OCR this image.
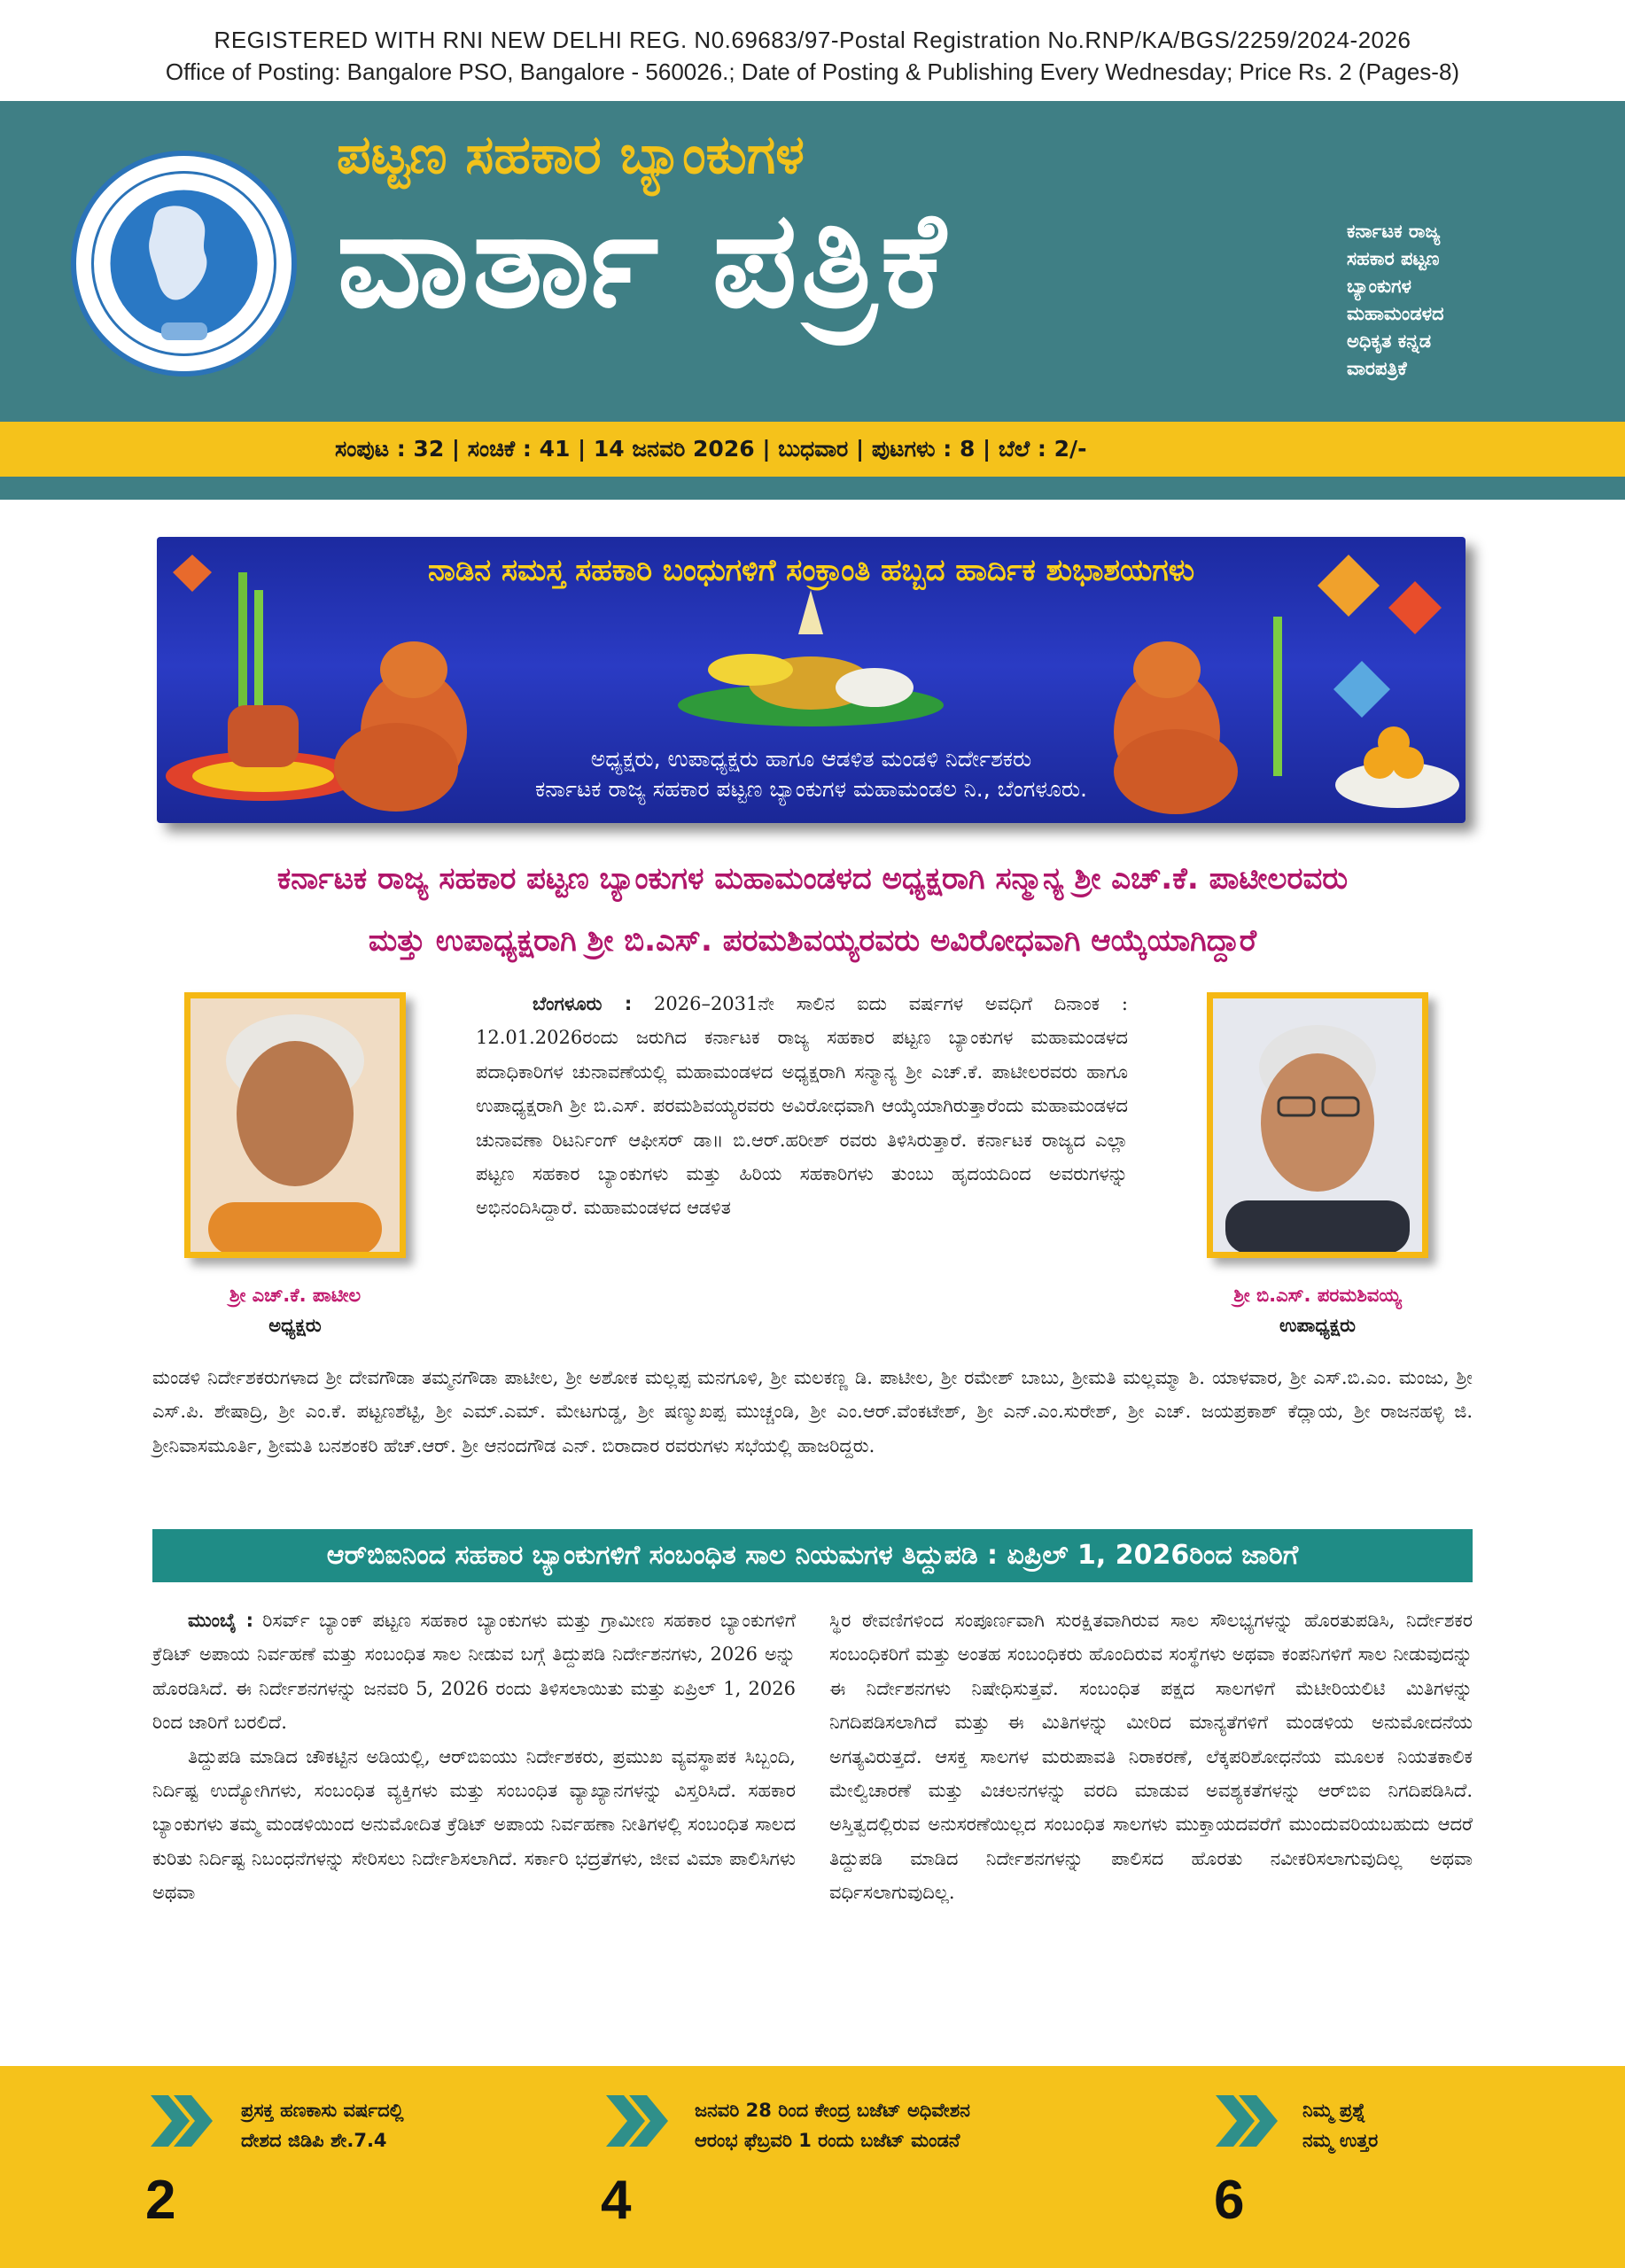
REGISTERED WITH RNI NEW DELHI REG. N0.69683/97-Postal Registration No.RNP/KA/BGS/2259/2024-2026
Office of Posting: Bangalore PSO, Bangalore - 560026.; Date of Posting & Publishing Every Wednesday; Price Rs. 2 (Pages-8)
ಪಟ್ಟಣ ಸಹಕಾರ ಬ್ಯಾಂಕುಗಳ
ವಾರ್ತಾ ಪತ್ರಿಕೆ	ಕರ್ನಾಟಕ ರಾಜ್ಯ
ಸಹಕಾರ ಪಟ್ಟಣ
ಬ್ಯಾಂಕುಗಳ
ಮಹಾಮಂಡಳದ
ಅಧಿಕೃತ ಕನ್ನಡ
ವಾರಪತ್ರಿಕೆ
ಸಂಪುಟ : 32 | ಸಂಚಿಕೆ : 41 | 14 ಜನವರಿ 2026 | ಬುಧವಾರ | ಪುಟಗಳು : 8 | ಬೆಲೆ : 2/-
ನಾಡಿನ ಸಮಸ್ತ ಸಹಕಾರಿ ಬಂಧುಗಳಿಗೆ ಸಂಕ್ರಾಂತಿ ಹಬ್ಬದ ಹಾರ್ದಿಕ ಶುಭಾಶಯಗಳು
ಅಧ್ಯಕ್ಷರು, ಉಪಾಧ್ಯಕ್ಷರು ಹಾಗೂ ಆಡಳಿತ ಮಂಡಳಿ ನಿರ್ದೇಶಕರು
ಕರ್ನಾಟಕ ರಾಜ್ಯ ಸಹಕಾರ ಪಟ್ಟಣ ಬ್ಯಾಂಕುಗಳ ಮಹಾಮಂಡಲ ನಿ., ಬೆಂಗಳೂರು.
ಕರ್ನಾಟಕ ರಾಜ್ಯ ಸಹಕಾರ ಪಟ್ಟಣ ಬ್ಯಾಂಕುಗಳ ಮಹಾಮಂಡಳದ ಅಧ್ಯಕ್ಷರಾಗಿ ಸನ್ಮಾನ್ಯ ಶ್ರೀ ಎಚ್.ಕೆ. ಪಾಟೀಲರವರು
ಮತ್ತು ಉಪಾಧ್ಯಕ್ಷರಾಗಿ ಶ್ರೀ ಬಿ.ಎಸ್. ಪರಮಶಿವಯ್ಯರವರು ಅವಿರೋಧವಾಗಿ ಆಯ್ಕೆಯಾಗಿದ್ದಾರೆ
ಶ್ರೀ ಎಚ್.ಕೆ. ಪಾಟೀಲ
ಅಧ್ಯಕ್ಷರು
ಶ್ರೀ ಬಿ.ಎಸ್. ಪರಮಶಿವಯ್ಯ
ಉಪಾಧ್ಯಕ್ಷರು
ಬೆಂಗಳೂರು : 2026–2031ನೇ ಸಾಲಿನ ಐದು ವರ್ಷಗಳ ಅವಧಿಗೆ ದಿನಾಂಕ : 12.01.2026ರಂದು ಜರುಗಿದ ಕರ್ನಾಟಕ ರಾಜ್ಯ ಸಹಕಾರ ಪಟ್ಟಣ ಬ್ಯಾಂಕುಗಳ ಮಹಾಮಂಡಳದ ಪದಾಧಿಕಾರಿಗಳ ಚುನಾವಣೆಯಲ್ಲಿ ಮಹಾಮಂಡಳದ ಅಧ್ಯಕ್ಷರಾಗಿ ಸನ್ಮಾನ್ಯ ಶ್ರೀ ಎಚ್.ಕೆ. ಪಾಟೀಲರವರು ಹಾಗೂ ಉಪಾಧ್ಯಕ್ಷರಾಗಿ ಶ್ರೀ ಬಿ.ಎಸ್. ಪರಮಶಿವಯ್ಯರವರು ಅವಿರೋಧವಾಗಿ ಆಯ್ಕೆಯಾಗಿರುತ್ತಾರೆಂದು ಮಹಾಮಂಡಳದ ಚುನಾವಣಾ ರಿಟರ್ನಿಂಗ್ ಆಫೀಸರ್ ಡಾ॥ ಬಿ.ಆರ್.ಹರೀಶ್ ರವರು ತಿಳಿಸಿರುತ್ತಾರೆ. ಕರ್ನಾಟಕ ರಾಜ್ಯದ ಎಲ್ಲಾ ಪಟ್ಟಣ ಸಹಕಾರ ಬ್ಯಾಂಕುಗಳು ಮತ್ತು ಹಿರಿಯ ಸಹಕಾರಿಗಳು ತುಂಬು ಹೃದಯದಿಂದ ಅವರುಗಳನ್ನು ಅಭಿನಂದಿಸಿದ್ದಾರೆ. ಮಹಾಮಂಡಳದ ಆಡಳಿತ
ಮಂಡಳಿ ನಿರ್ದೇಶಕರುಗಳಾದ ಶ್ರೀ ದೇವಗೌಡಾ ತಮ್ಮನಗೌಡಾ ಪಾಟೀಲ, ಶ್ರೀ ಅಶೋಕ ಮಲ್ಲಪ್ಪ ಮನಗೂಳಿ, ಶ್ರೀ ಮಲಕಣ್ಣ ಡಿ. ಪಾಟೀಲ, ಶ್ರೀ ರಮೇಶ್ ಬಾಬು, ಶ್ರೀಮತಿ ಮಲ್ಲಮ್ಮಾ ಶಿ. ಯಾಳವಾರ, ಶ್ರೀ ಎಸ್.ಬಿ.ಎಂ. ಮಂಜು, ಶ್ರೀ ಎಸ್.ಪಿ. ಶೇಷಾದ್ರಿ, ಶ್ರೀ ಎಂ.ಕೆ. ಪಟ್ಟಣಶೆಟ್ಟಿ, ಶ್ರೀ ಎಮ್.ಎಮ್. ಮೇಟಗುಡ್ಡ, ಶ್ರೀ ಷಣ್ಮುಖಪ್ಪ ಮುಚ್ಚಂಡಿ, ಶ್ರೀ ಎಂ.ಆರ್.ವೆಂಕಟೇಶ್, ಶ್ರೀ ಎನ್.ಎಂ.ಸುರೇಶ್, ಶ್ರೀ ಎಚ್. ಜಯಪ್ರಕಾಶ್ ಕೆದ್ಲಾಯ, ಶ್ರೀ ರಾಜನಹಳ್ಳಿ ಜಿ. ಶ್ರೀನಿವಾಸಮೂರ್ತಿ, ಶ್ರೀಮತಿ ಬನಶಂಕರಿ ಹೆಚ್.ಆರ್. ಶ್ರೀ ಆನಂದಗೌಡ ಎನ್. ಬಿರಾದಾರ ರವರುಗಳು ಸಭೆಯಲ್ಲಿ ಹಾಜರಿದ್ದರು.
ಆರ್‌ಬಿಐನಿಂದ ಸಹಕಾರ ಬ್ಯಾಂಕುಗಳಿಗೆ ಸಂಬಂಧಿತ ಸಾಲ ನಿಯಮಗಳ ತಿದ್ದುಪಡಿ : ಏಪ್ರಿಲ್ 1, 2026ರಿಂದ ಜಾರಿಗೆ
ಮುಂಬೈ : ರಿಸರ್ವ್ ಬ್ಯಾಂಕ್ ಪಟ್ಟಣ ಸಹಕಾರ ಬ್ಯಾಂಕುಗಳು ಮತ್ತು ಗ್ರಾಮೀಣ ಸಹಕಾರ ಬ್ಯಾಂಕುಗಳಿಗೆ ಕ್ರೆಡಿಟ್ ಅಪಾಯ ನಿರ್ವಹಣೆ ಮತ್ತು ಸಂಬಂಧಿತ ಸಾಲ ನೀಡುವ ಬಗ್ಗೆ ತಿದ್ದುಪಡಿ ನಿರ್ದೇಶನಗಳು, 2026 ಅನ್ನು ಹೊರಡಿಸಿದೆ. ಈ ನಿರ್ದೇಶನಗಳನ್ನು ಜನವರಿ 5, 2026 ರಂದು ತಿಳಿಸಲಾಯಿತು ಮತ್ತು ಏಪ್ರಿಲ್ 1, 2026 ರಿಂದ ಜಾರಿಗೆ ಬರಲಿದೆ.
ತಿದ್ದುಪಡಿ ಮಾಡಿದ ಚೌಕಟ್ಟಿನ ಅಡಿಯಲ್ಲಿ, ಆರ್‌ಬಿಐಯು ನಿರ್ದೇಶಕರು, ಪ್ರಮುಖ ವ್ಯವಸ್ಥಾಪಕ ಸಿಬ್ಬಂದಿ, ನಿರ್ದಿಷ್ಟ ಉದ್ಯೋಗಿಗಳು, ಸಂಬಂಧಿತ ವ್ಯಕ್ತಿಗಳು ಮತ್ತು ಸಂಬಂಧಿತ ವ್ಯಾಖ್ಯಾನಗಳನ್ನು ವಿಸ್ತರಿಸಿದೆ. ಸಹಕಾರ ಬ್ಯಾಂಕುಗಳು ತಮ್ಮ ಮಂಡಳಿಯಿಂದ ಅನುಮೋದಿತ ಕ್ರೆಡಿಟ್ ಅಪಾಯ ನಿರ್ವಹಣಾ ನೀತಿಗಳಲ್ಲಿ ಸಂಬಂಧಿತ ಸಾಲದ ಕುರಿತು ನಿರ್ದಿಷ್ಟ ನಿಬಂಧನೆಗಳನ್ನು ಸೇರಿಸಲು ನಿರ್ದೇಶಿಸಲಾಗಿದೆ. ಸರ್ಕಾರಿ ಭದ್ರತೆಗಳು, ಜೀವ ವಿಮಾ ಪಾಲಿಸಿಗಳು ಅಥವಾ
ಸ್ಥಿರ ಠೇವಣಿಗಳಿಂದ ಸಂಪೂರ್ಣವಾಗಿ ಸುರಕ್ಷಿತವಾಗಿರುವ ಸಾಲ ಸೌಲಭ್ಯಗಳನ್ನು ಹೊರತುಪಡಿಸಿ, ನಿರ್ದೇಶಕರ ಸಂಬಂಧಿಕರಿಗೆ ಮತ್ತು ಅಂತಹ ಸಂಬಂಧಿಕರು ಹೊಂದಿರುವ ಸಂಸ್ಥೆಗಳು ಅಥವಾ ಕಂಪನಿಗಳಿಗೆ ಸಾಲ ನೀಡುವುದನ್ನು ಈ ನಿರ್ದೇಶನಗಳು ನಿಷೇಧಿಸುತ್ತವೆ. ಸಂಬಂಧಿತ ಪಕ್ಷದ ಸಾಲಗಳಿಗೆ ಮೆಟೀರಿಯಲಿಟಿ ಮಿತಿಗಳನ್ನು ನಿಗದಿಪಡಿಸಲಾಗಿದೆ ಮತ್ತು ಈ ಮಿತಿಗಳನ್ನು ಮೀರಿದ ಮಾನ್ಯತೆಗಳಿಗೆ ಮಂಡಳಿಯ ಅನುಮೋದನೆಯ ಅಗತ್ಯವಿರುತ್ತದೆ. ಆಸಕ್ತ ಸಾಲಗಳ ಮರುಪಾವತಿ ನಿರಾಕರಣೆ, ಲೆಕ್ಕಪರಿಶೋಧನೆಯ ಮೂಲಕ ನಿಯತಕಾಲಿಕ ಮೇಲ್ವಿಚಾರಣೆ ಮತ್ತು ವಿಚಲನಗಳನ್ನು ವರದಿ ಮಾಡುವ ಅವಶ್ಯಕತೆಗಳನ್ನು ಆರ್‌ಬಿಐ ನಿಗದಿಪಡಿಸಿದೆ. ಅಸ್ತಿತ್ವದಲ್ಲಿರುವ ಅನುಸರಣೆಯಿಲ್ಲದ ಸಂಬಂಧಿತ ಸಾಲಗಳು ಮುಕ್ತಾಯದವರೆಗೆ ಮುಂದುವರಿಯಬಹುದು ಆದರೆ ತಿದ್ದುಪಡಿ ಮಾಡಿದ ನಿರ್ದೇಶನಗಳನ್ನು ಪಾಲಿಸದ ಹೊರತು ನವೀಕರಿಸಲಾಗುವುದಿಲ್ಲ ಅಥವಾ ವರ್ಧಿಸಲಾಗುವುದಿಲ್ಲ.
ಪ್ರಸಕ್ತ ಹಣಕಾಸು ವರ್ಷದಲ್ಲಿ
ದೇಶದ ಜಿಡಿಪಿ ಶೇ.7.4
2
ಜನವರಿ 28 ರಿಂದ ಕೇಂದ್ರ ಬಜೆಟ್ ಅಧಿವೇಶನ
ಆರಂಭ ಫೆಬ್ರವರಿ 1 ರಂದು ಬಜೆಟ್ ಮಂಡನೆ
4
ನಿಮ್ಮ ಪ್ರಶ್ನೆ
ನಮ್ಮ ಉತ್ತರ
6
